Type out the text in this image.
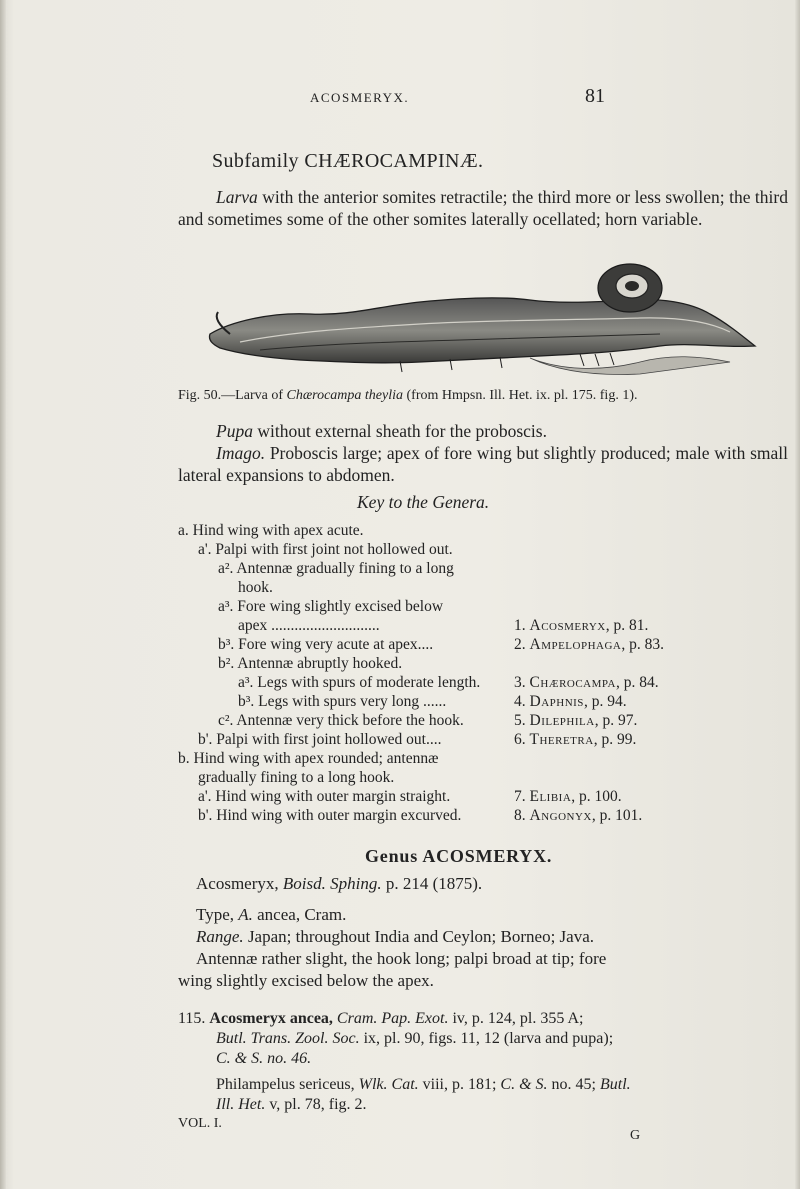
ACOSMERYX.	81
Subfamily CHÆROCAMPINÆ.
Larva with the anterior somites retractile; the third more or less swollen; the third and sometimes some of the other somites laterally ocellated; horn variable.
Fig. 50.—Larva of Chærocampa theylia (from Hmpsn. Ill. Het. ix. pl. 175. fig. 1).
Pupa without external sheath for the proboscis.
Imago. Proboscis large; apex of fore wing but slightly produced; male with small lateral expansions to abdomen.
Key to the Genera.
a. Hind wing with apex acute.
a'. Palpi with first joint not hollowed out.
a². Antennæ gradually fining to a long
hook.
a³. Fore wing slightly excised below
apex ............................
b³. Fore wing very acute at apex....
b². Antennæ abruptly hooked.
a³. Legs with spurs of moderate length.
b³. Legs with spurs very long ......
c². Antennæ very thick before the hook.
b'. Palpi with first joint hollowed out....
b. Hind wing with apex rounded; antennæ
gradually fining to a long hook.
a'. Hind wing with outer margin straight.
b'. Hind wing with outer margin excurved.
1. Acosmeryx, p. 81.
2. Ampelophaga, p. 83.
3. Chærocampa, p. 84.
4. Daphnis, p. 94.
5. Dilephila, p. 97.
6. Theretra, p. 99.
7. Elibia, p. 100.
8. Angonyx, p. 101.
Genus ACOSMERYX.
Acosmeryx, Boisd. Sphing. p. 214 (1875).
Type, A. ancea, Cram.
Range. Japan; throughout India and Ceylon; Borneo; Java.
Antennæ rather slight, the hook long; palpi broad at tip; fore
wing slightly excised below the apex.
115. Acosmeryx ancea, Cram. Pap. Exot. iv, p. 124, pl. 355 A;
Butl. Trans. Zool. Soc. ix, pl. 90, figs. 11, 12 (larva and pupa);
C. & S. no. 46.
Philampelus sericeus, Wlk. Cat. viii, p. 181; C. & S. no. 45; Butl.
Ill. Het. v, pl. 78, fig. 2.
VOL. I.
G
